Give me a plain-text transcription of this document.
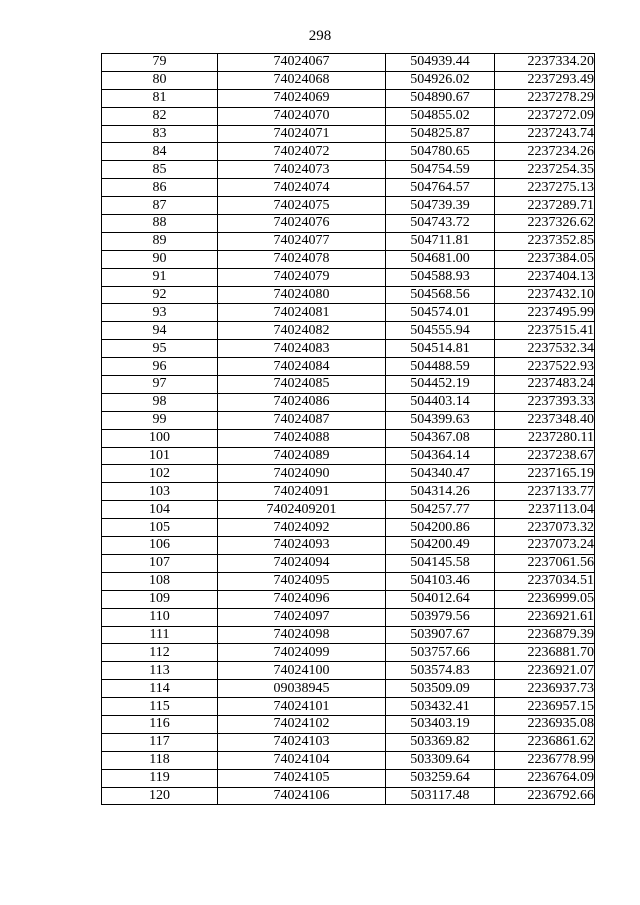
298
79	74024067	504939.44	2237334.20
80	74024068	504926.02	2237293.49
81	74024069	504890.67	2237278.29
82	74024070	504855.02	2237272.09
83	74024071	504825.87	2237243.74
84	74024072	504780.65	2237234.26
85	74024073	504754.59	2237254.35
86	74024074	504764.57	2237275.13
87	74024075	504739.39	2237289.71
88	74024076	504743.72	2237326.62
89	74024077	504711.81	2237352.85
90	74024078	504681.00	2237384.05
91	74024079	504588.93	2237404.13
92	74024080	504568.56	2237432.10
93	74024081	504574.01	2237495.99
94	74024082	504555.94	2237515.41
95	74024083	504514.81	2237532.34
96	74024084	504488.59	2237522.93
97	74024085	504452.19	2237483.24
98	74024086	504403.14	2237393.33
99	74024087	504399.63	2237348.40
100	74024088	504367.08	2237280.11
101	74024089	504364.14	2237238.67
102	74024090	504340.47	2237165.19
103	74024091	504314.26	2237133.77
104	7402409201	504257.77	2237113.04
105	74024092	504200.86	2237073.32
106	74024093	504200.49	2237073.24
107	74024094	504145.58	2237061.56
108	74024095	504103.46	2237034.51
109	74024096	504012.64	2236999.05
110	74024097	503979.56	2236921.61
111	74024098	503907.67	2236879.39
112	74024099	503757.66	2236881.70
113	74024100	503574.83	2236921.07
114	09038945	503509.09	2236937.73
115	74024101	503432.41	2236957.15
116	74024102	503403.19	2236935.08
117	74024103	503369.82	2236861.62
118	74024104	503309.64	2236778.99
119	74024105	503259.64	2236764.09
120	74024106	503117.48	2236792.66
